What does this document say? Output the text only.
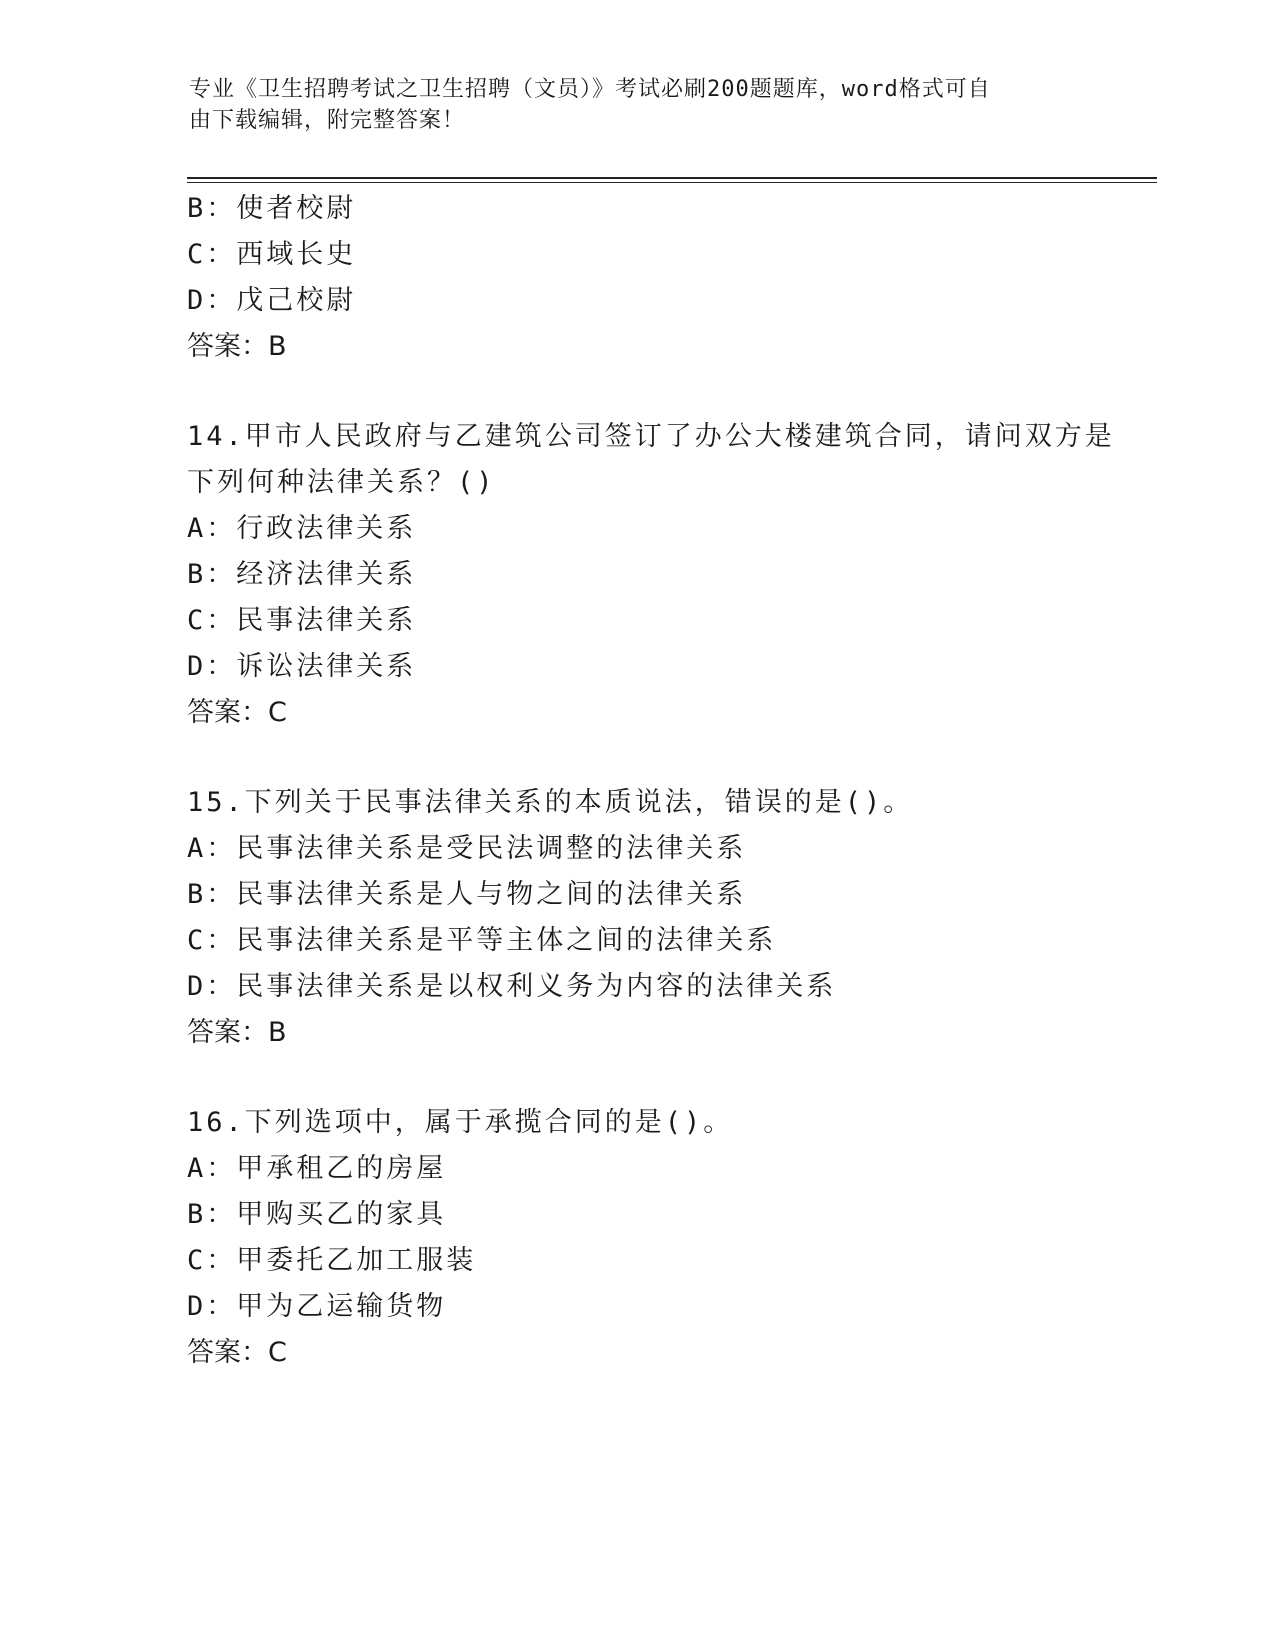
专业《卫生招聘考试之卫生招聘（文员）》考试必刷200题题库，word格式可自
由下载编辑，附完整答案！
B：使者校尉
C：西域长史
D：戊己校尉
答案：B
14.甲市人民政府与乙建筑公司签订了办公大楼建筑合同，请问双方是
下列何种法律关系？()
A：行政法律关系
B：经济法律关系
C：民事法律关系
D：诉讼法律关系
答案：C
15.下列关于民事法律关系的本质说法，错误的是()。
A：民事法律关系是受民法调整的法律关系
B：民事法律关系是人与物之间的法律关系
C：民事法律关系是平等主体之间的法律关系
D：民事法律关系是以权利义务为内容的法律关系
答案：B
16.下列选项中，属于承揽合同的是()。
A：甲承租乙的房屋
B：甲购买乙的家具
C：甲委托乙加工服装
D：甲为乙运输货物
答案：C
